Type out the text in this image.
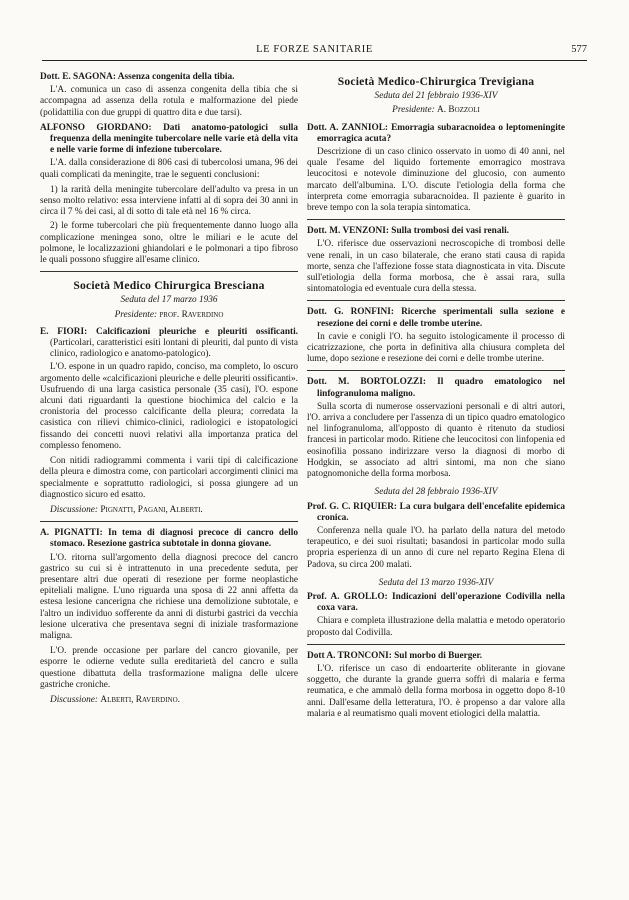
LE FORZE SANITARIE	577
Dott. E. SAGONA: Assenza congenita della tibia.

L'A. comunica un caso di assenza congenita della tibia che si accompagna ad assenza della rotula e malformazione del piede (polidattilia con due gruppi di quattro dita e due tarsi).

ALFONSO GIORDANO: Dati anatomo-patologici sulla frequenza della meningite tubercolare nelle varie età della vita e nelle varie forme di infezione tubercolare.

L'A. dalla considerazione di 806 casi di tubercolosi umana, 96 dei quali complicati da meningite, trae le seguenti conclusioni:

1) la rarità della meningite tubercolare dell'adulto va presa in un senso molto relativo: essa interviene infatti al di sopra dei 30 anni in circa il 7 % dei casi, al di sotto di tale età nel 16 % circa.
2) le forme tubercolari che più frequentemente danno luogo alla complicazione meningea sono, oltre le miliari e le acute del polmone, le localizzazioni ghiandolari e le polmonari a tipo fibroso le quali possono sfuggire all'esame clinico.
Società Medico Chirurgica Bresciana
Seduta del 17 marzo 1936
Presidente: prof. Raverdino
E. FIORI: Calcificazioni pleuriche e pleuriti ossificanti. (Particolari, caratteristici esiti lontani di pleuriti, dal punto di vista clinico, radiologico e anatomo-patologico).

L'O. espone in un quadro rapido, conciso, ma completo, lo oscuro argomento delle «calcificazioni pleuriche e delle pleuriti ossificanti». Usufruendo di una larga casistica personale (35 casi), l'O. espone alcuni dati riguardanti la questione biochimica del calcio e la cronistoria del processo calcificante della pleura; corredata la casistica con rilievi chimico-clinici, radiologici e istopatologici fissando dei concetti nuovi relativi alla importanza pratica del complesso fenomeno.

Con nitidi radiogrammi commenta i varii tipi di calcificazione della pleura e dimostra come, con particolari accorgimenti clinici ma specialmente e soprattutto radiologici, si possa giungere ad un diagnostico sicuro ed esatto.

Discussione: Pignatti, Pagani, Alberti.
A. PIGNATTI: In tema di diagnosi precoce di cancro dello stomaco. Resezione gastrica subtotale in donna giovane.

L'O. ritorna sull'argomento della diagnosi precoce del cancro gastrico su cui si è intrattenuto in una precedente seduta, per presentare altri due operati di resezione per forme neoplastiche epiteliali maligne. L'uno riguarda una sposa di 22 anni affetta da estesa lesione cancerigna che richiese una demolizione subtotale, e l'altro un individuo sofferente da anni di disturbi gastrici da vecchia lesione ulcerativa che presentava segni di iniziale trasformazione maligna.

L'O. prende occasione per parlare del cancro giovanile, per esporre le odierne vedute sulla ereditarietà del cancro e sulla questione dibattuta della trasformazione maligna delle ulcere gastriche croniche.

Discussione: Alberti, Raverdino.
Società Medico-Chirurgica Trevigiana
Seduta del 21 febbraio 1936-XIV
Presidente: A. Bozzoli
Dott. A. ZANNIOL: Emorragia subaracnoidea o leptomeningite emorragica acuta?

Descrizione di un caso clinico osservato in uomo di 40 anni, nel quale l'esame del liquido fortemente emorragico mostrava leucocitosi e notevole diminuzione del glucosio, con aumento marcato dell'albumina. L'O. discute l'etiologia della forma che interpreta come emorragia subaracnoidea. Il paziente è guarito in breve tempo con la sola terapia sintomatica.

Dott. M. VENZONI: Sulla trombosi dei vasi renali.

L'O. riferisce due osservazioni necroscopiche di trombosi delle vene renali, in un caso bilaterale, che erano stati causa di rapida morte, senza che l'affezione fosse stata diagnosticata in vita. Discute sull'etiologia della forma morbosa, che è assai rara, sulla sintomatologia ed eventuale cura della stessa.

Dott. G. RONFINI: Ricerche sperimentali sulla sezione e resezione dei corni e delle trombe uterine.

In cavie e conigli l'O. ha seguito istologicamente il processo di cicatrizzazione, che porta in definitiva alla chiusura completa del lume, dopo sezione e resezione dei corni e delle trombe uterine.

Dott. M. BORTOLOZZI: Il quadro ematologico nel linfogranuloma maligno.

Sulla scorta di numerose osservazioni personali e di altri autori, l'O. arriva a concludere per l'assenza di un tipico quadro ematologico nel linfogranuloma, all'opposto di quanto è ritenuto da studiosi francesi in particolar modo. Ritiene che leucocitosi con linfopenia ed eosinofilia possano indirizzare verso la diagnosi di morbo di Hodgkin, se associato ad altri sintomi, ma non che siano patognomoniche della forma morbosa.

Seduta del 28 febbraio 1936-XIV
Prof. G. C. RIQUIER: La cura bulgara dell'encefalite epidemica cronica.

Conferenza nella quale l'O. ha parlato della natura del metodo terapeutico, e dei suoi risultati; basandosi in particolar modo sulla propria esperienza di un anno di cure nel reparto Regina Elena di Padova, su circa 200 malati.

Seduta del 13 marzo 1936-XIV
Prof. A. GROLLO: Indicazioni dell'operazione Codivilla nella coxa vara.

Chiara e completa illustrazione della malattia e metodo operatorio proposto dal Codivilla.

Dott A. TRONCONI: Sul morbo di Buerger.

L'O. riferisce un caso di endoarterite obliterante in giovane soggetto, che durante la grande guerra soffrì di malaria e ferma reumatica, e che ammalò della forma morbosa in oggetto dopo 8-10 anni. Dall'esame della letteratura, l'O. è propenso a dar valore alla malaria e al reumatismo quali movent etiologici della malattia.
